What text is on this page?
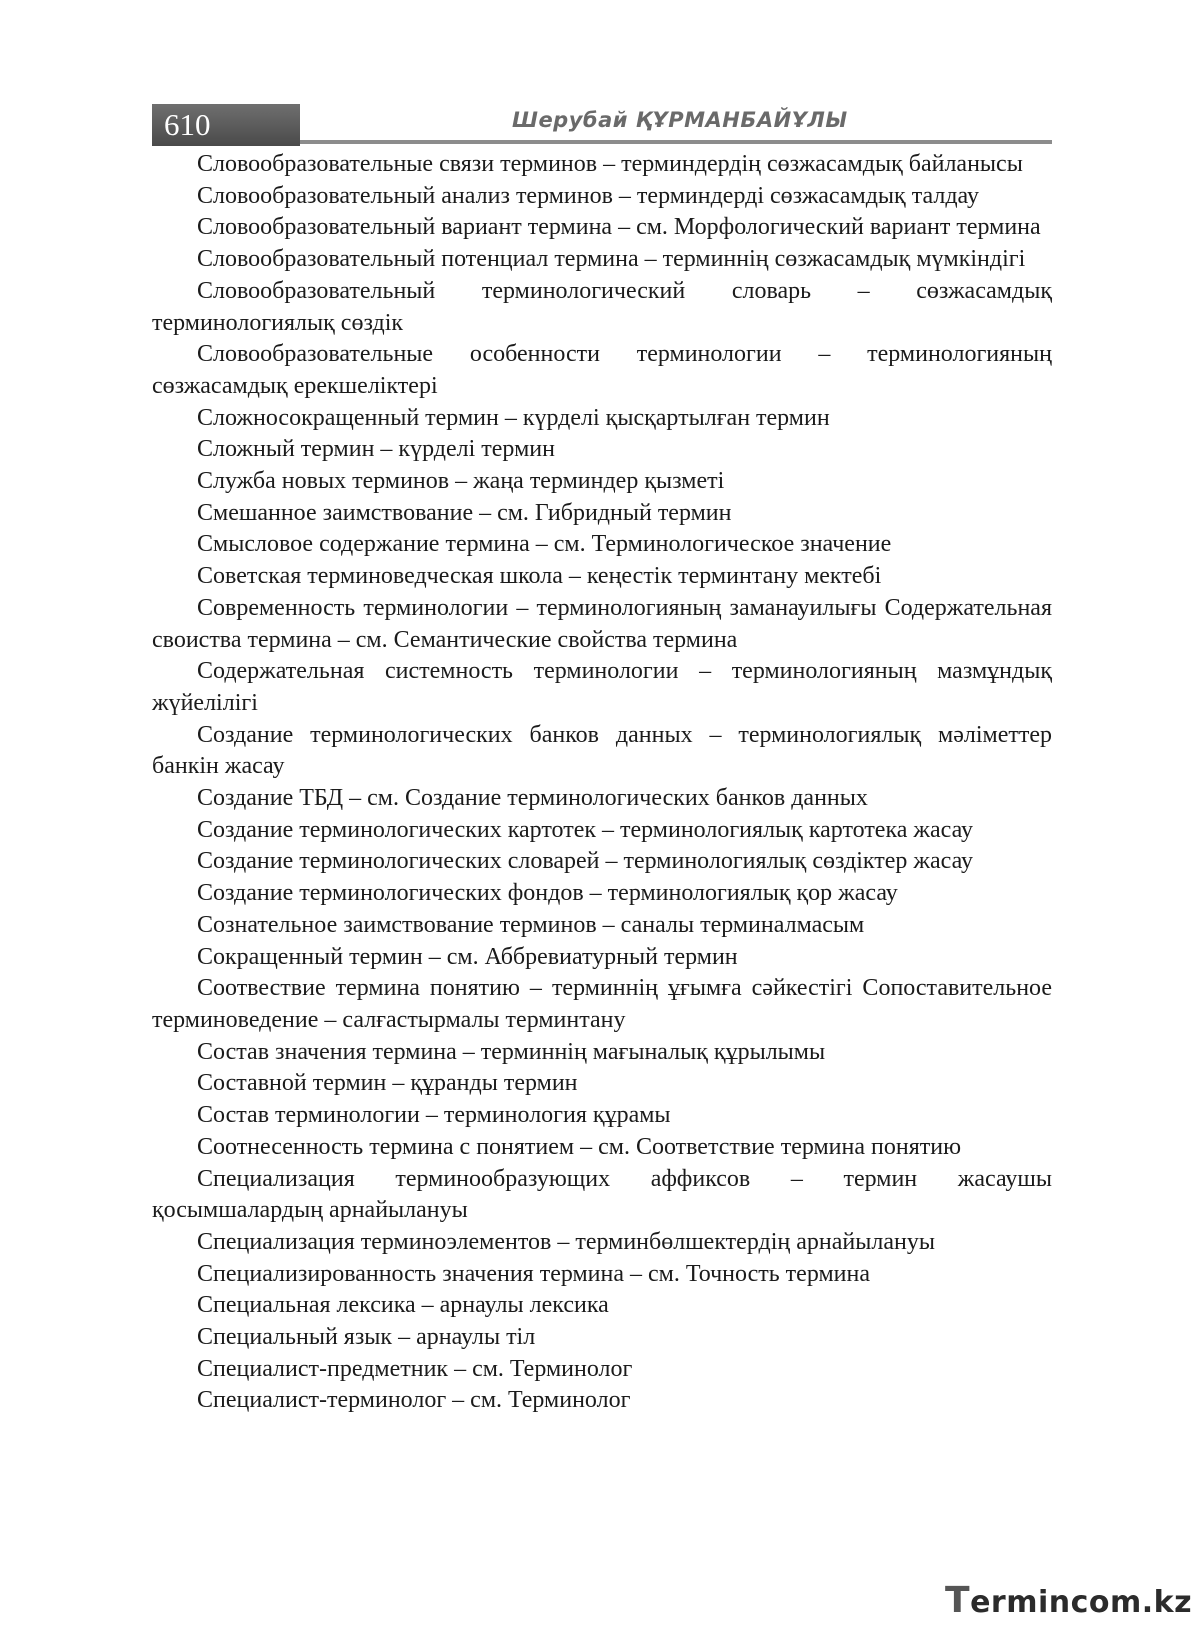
610	Шерубай ҚҰРМАНБАЙҰЛЫ

Словообразовательные связи терминов – терминдердің сөзжасамдық байланысы

Словообразовательный анализ терминов – терминдерді сөзжасамдық талдау

Словообразовательный вариант термина – см. Морфологический вариант термина

Словообразовательный потенциал термина – терминнің сөзжасамдық мүмкіндігі

Словообразовательный терминологический словарь – сөзжасамдық терминологиялық сөздік

Словообразовательные особенности терминологии – терминологияның сөзжасамдық ерекшеліктері

Сложносокращенный термин – күрделі қысқартылған термин

Сложный термин – күрделі термин

Служба новых терминов – жаңа терминдер қызметі

Смешанное заимствование – см. Гибридный термин

Смысловое содержание термина – см. Терминологическое значение

Советская терминоведческая школа – кеңестік терминтану мектебі

Современность терминологии – терминологияның заманауилығы Содержательная своиства термина – см. Семантические свойства термина

Содержательная системность терминологии – терминологияның мазмұндық жүйелілігі

Создание терминологических банков данных – терминологиялық мәліметтер банкін жасау

Создание ТБД – см. Создание терминологических банков данных

Создание терминологических картотек – терминологиялық картотека жасау

Создание терминологических словарей – терминологиялық сөздіктер жасау

Создание терминологических фондов – терминологиялық қор жасау

Сознательное заимствование терминов – саналы терминалмасым

Сокращенный термин – см. Аббревиатурный термин

Соотвествие термина понятию – терминнің ұғымға сәйкестігі Сопоставительное терминоведение – салғастырмалы терминтану

Состав значения термина – терминнің мағыналық құрылымы

Составной термин – құранды термин

Состав терминологии – терминология құрамы

Соотнесенность термина с понятием – см. Соответствие термина понятию

Специализация терминообразующих аффиксов – термин жасаушы қосымшалардың арнайылануы

Специализация терминоэлементов – терминбөлшектердің арнайылануы

Специализированность значения термина – см. Точность термина

Специальная лексика – арнаулы лексика

Специальный язык – арнаулы тіл

Специалист-предметник – см. Терминолог

Специалист-терминолог – см. Терминолог

Termincom.kz
